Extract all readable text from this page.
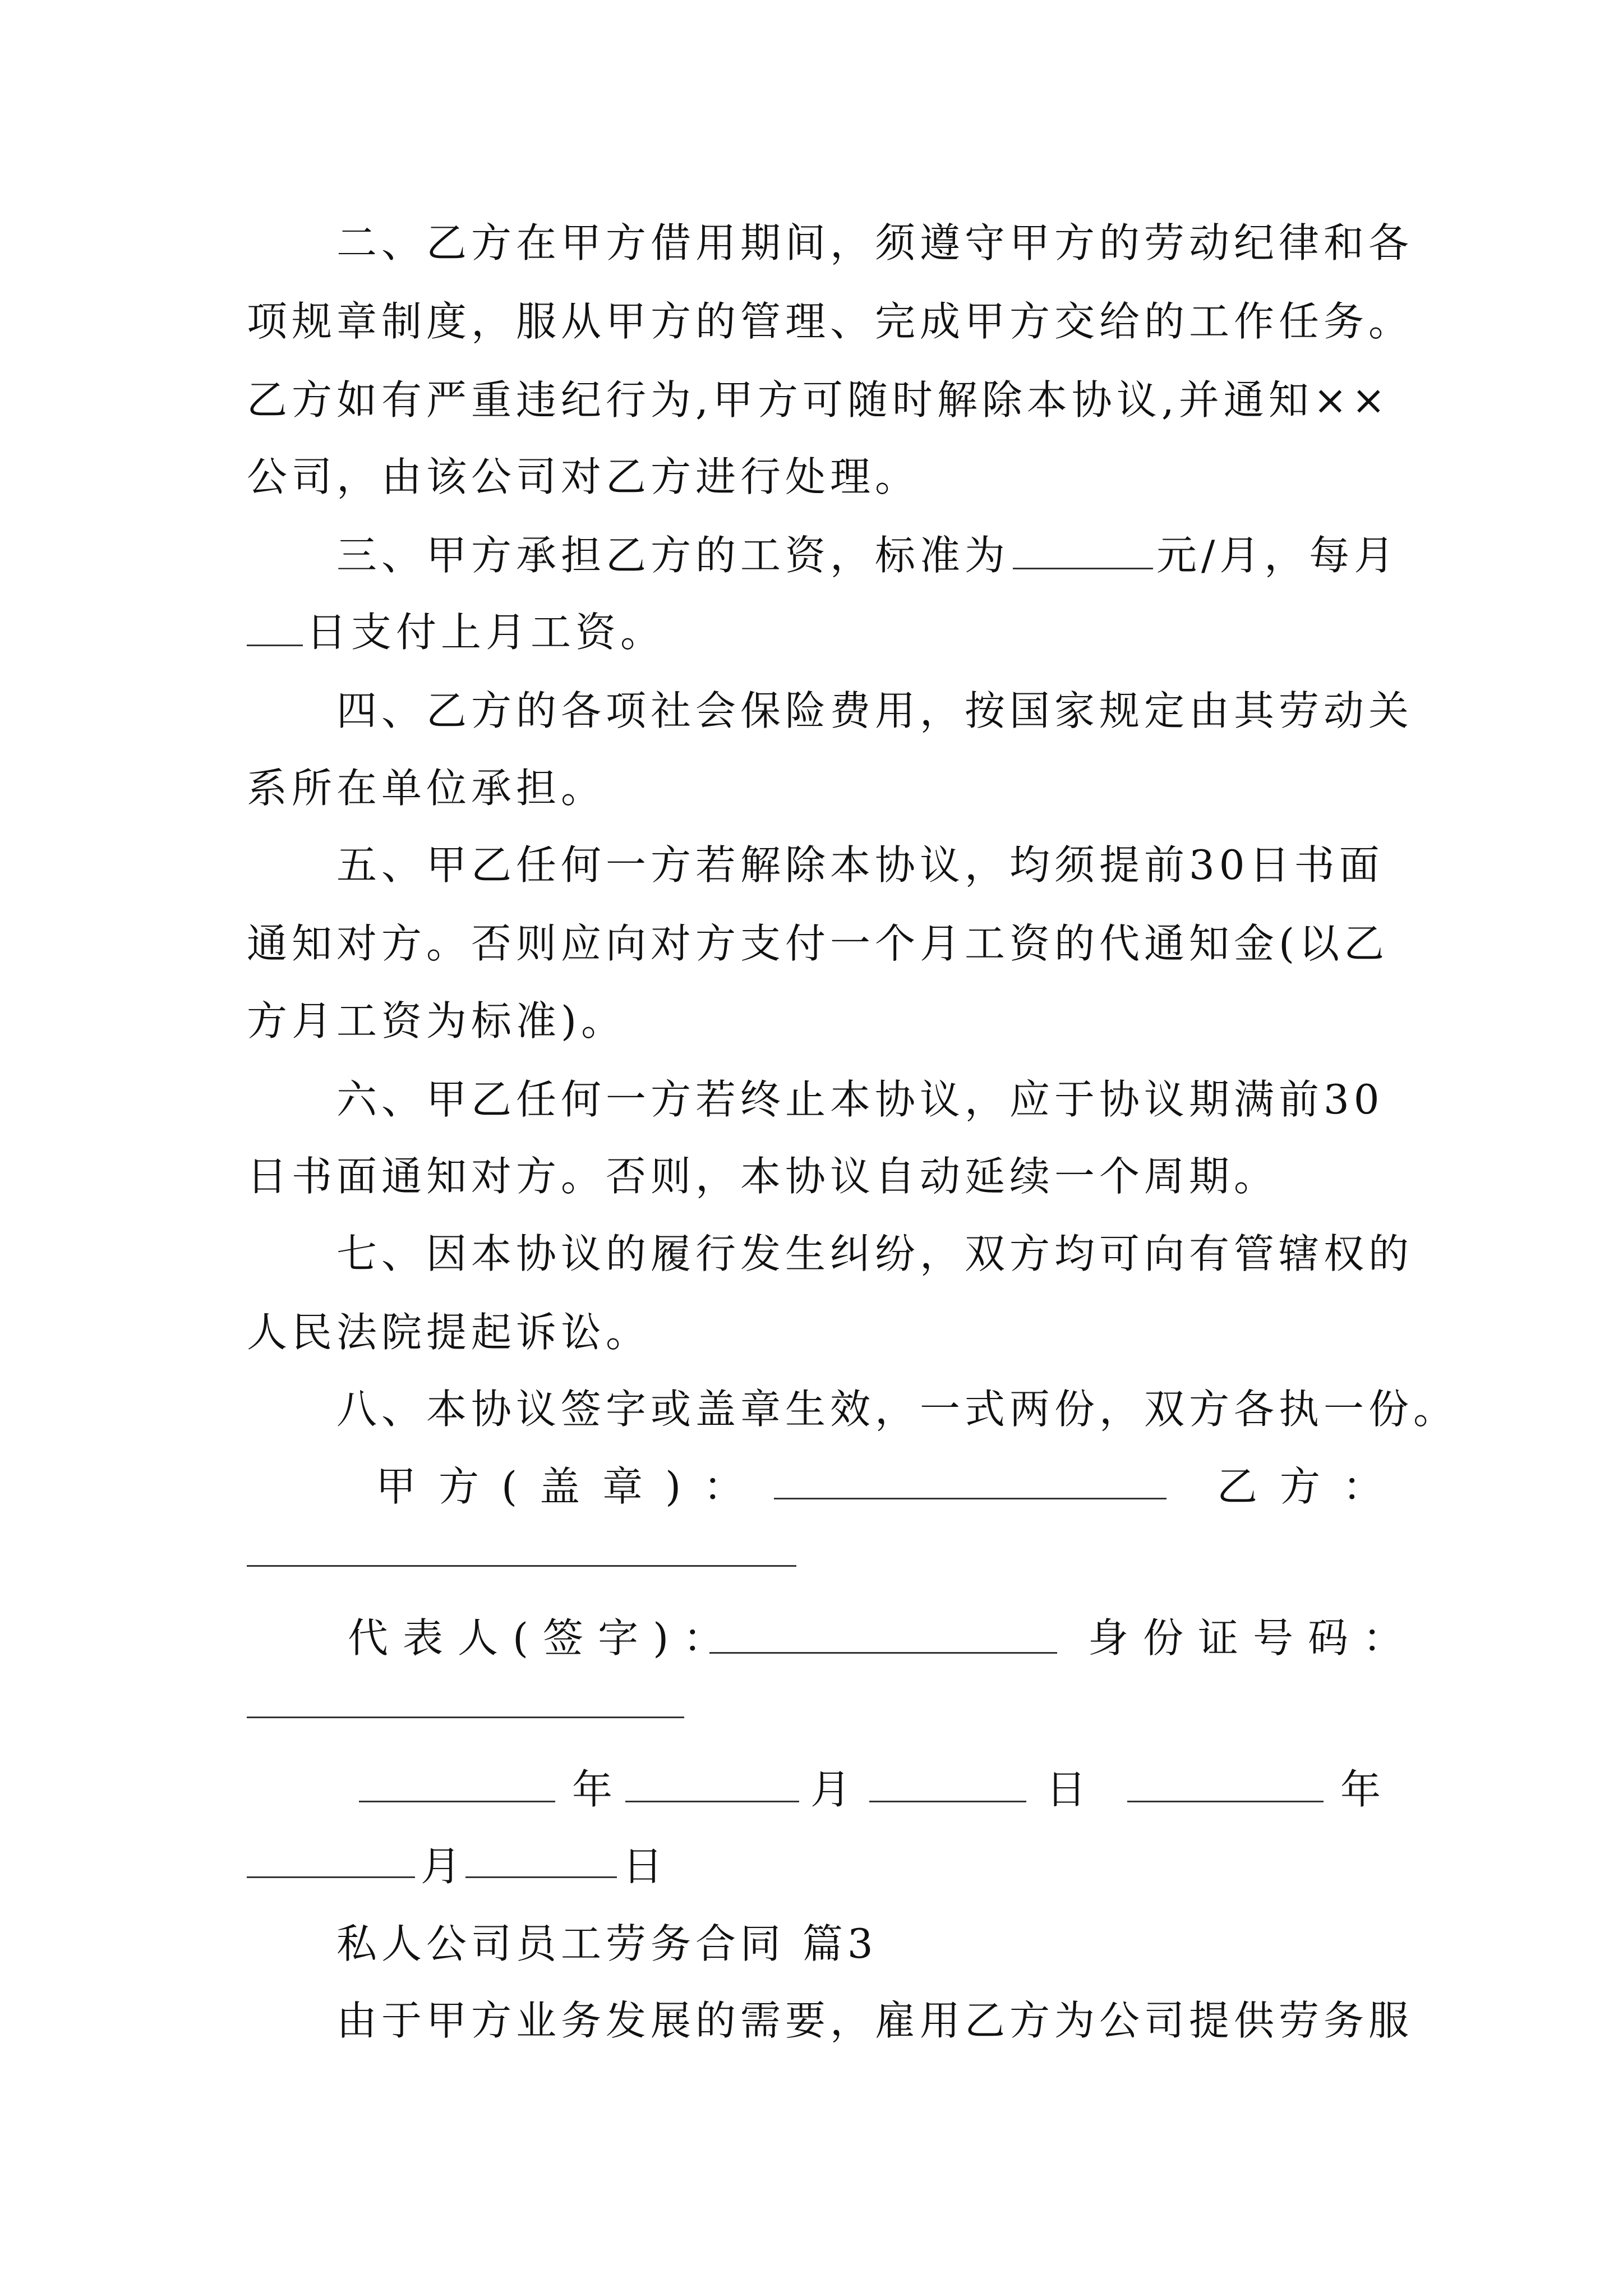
二、乙方在甲方借用期间，须遵守甲方的劳动纪律和各
项规章制度，服从甲方的管理、完成甲方交给的工作任务。
乙方如有严重违纪行为,甲方可随时解除本协议,并通知××
公司，由该公司对乙方进行处理。
三、甲方承担乙方的工资，标准为	元/月，每月
日支付上月工资。
四、乙方的各项社会保险费用，按国家规定由其劳动关
系所在单位承担。
五、甲乙任何一方若解除本协议，均须提前30日书面
通知对方。否则应向对方支付一个月工资的代通知金(以乙
方月工资为标准)。
六、甲乙任何一方若终止本协议，应于协议期满前30
日书面通知对方。否则，本协议自动延续一个周期。
七、因本协议的履行发生纠纷，双方均可向有管辖权的
人民法院提起诉讼。
八、本协议签字或盖章生效，一式两份，双方各执一份。
甲方(盖章)：	乙方：
代表人(签字)：	身份证号码：
年	月	日	年
月	日
私人公司员工劳务合同 篇3
由于甲方业务发展的需要，雇用乙方为公司提供劳务服
